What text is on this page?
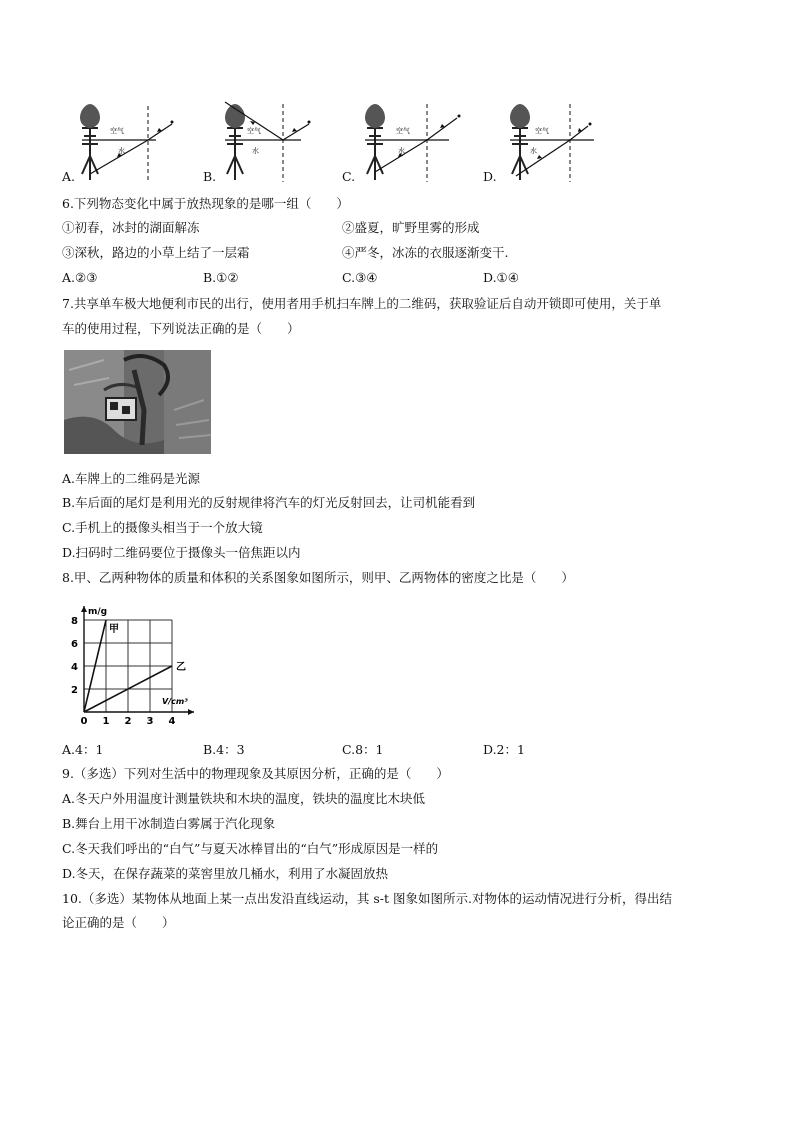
空气
水
空气
水
空气
水
空气
水
A.	B.	C.	D.
6.下列物态变化中属于放热现象的是哪一组（　　）
①初春，冰封的湖面解冻	②盛夏，旷野里雾的形成
③深秋，路边的小草上结了一层霜	④严冬，冰冻的衣服逐渐变干.
A.②③	B.①②	C.③④	D.①④
7.共享单车极大地便利市民的出行，使用者用手机扫车牌上的二维码，获取验证后自动开锁即可使用，关于单
车的使用过程，下列说法正确的是（　　）
A.车牌上的二维码是光源
B.车后面的尾灯是利用光的反射规律将汽车的灯光反射回去，让司机能看到
C.手机上的摄像头相当于一个放大镜
D.扫码时二维码要位于摄像头一倍焦距以内
8.甲、乙两种物体的质量和体积的关系图象如图所示，则甲、乙两物体的密度之比是（　　）
0 1 2 3 4
2
4
6
8
m/g
V/cm³
甲
乙
A.4：1	B.4：3	C.8：1	D.2：1
9.（多选）下列对生活中的物理现象及其原因分析，正确的是（　　）
A.冬天户外用温度计测量铁块和木块的温度，铁块的温度比木块低
B.舞台上用干冰制造白雾属于汽化现象
C.冬天我们呼出的“白气”与夏天冰棒冒出的“白气”形成原因是一样的
D.冬天，在保存蔬菜的菜窖里放几桶水，利用了水凝固放热
10.（多选）某物体从地面上某一点出发沿直线运动，其 s-t 图象如图所示.对物体的运动情况进行分析，得出结
论正确的是（　　）
